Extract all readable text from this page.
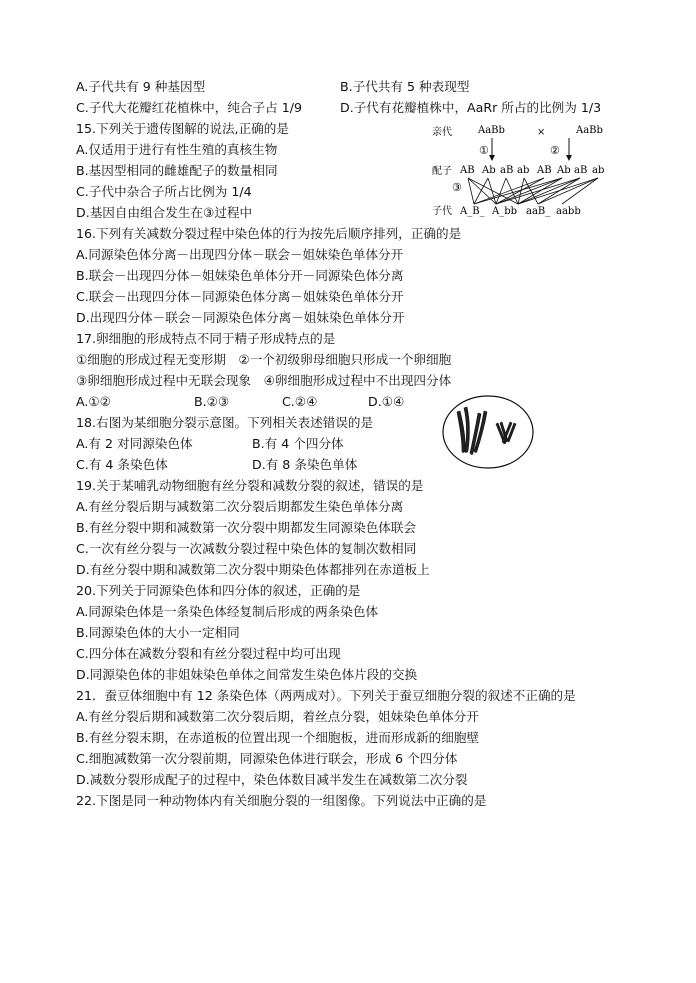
A.子代共有 9 种基因型	B.子代共有 5 种表现型
C.子代大花瓣红花植株中，纯合子占 1/9	D.子代有花瓣植株中，AaRr 所占的比例为 1/3
15.下列关于遗传图解的说法,正确的是
A.仅适用于进行有性生殖的真核生物
B.基因型相同的雌雄配子的数量相同
C.子代中杂合子所占比例为 1/4
D.基因自由组合发生在③过程中
亲代	AaBb	×	AaBb
①	②
配子 AB Ab aB ab AB Ab aB ab
③
子代 A_B_ A_bb aaB_ aabb
16.下列有关减数分裂过程中染色体的行为按先后顺序排列，正确的是
A.同源染色体分离－出现四分体－联会－姐妹染色单体分开
B.联会－出现四分体－姐妹染色单体分开－同源染色体分离
C.联会－出现四分体－同源染色体分离－姐妹染色单体分开
D.出现四分体－联会－同源染色体分离－姐妹染色单体分开
17.卵细胞的形成特点不同于精子形成特点的是
①细胞的形成过程无变形期　②一个初级卵母细胞只形成一个卵细胞
③卵细胞形成过程中无联会现象　④卵细胞形成过程中不出现四分体
A.①②	B.②③	C.②④	D.①④
18.右图为某细胞分裂示意图。下列相关表述错误的是
A.有 2 对同源染色体	B.有 4 个四分体
C.有 4 条染色体	D.有 8 条染色单体
19.关于某哺乳动物细胞有丝分裂和减数分裂的叙述，错误的是
A.有丝分裂后期与减数第二次分裂后期都发生染色单体分离
B.有丝分裂中期和减数第一次分裂中期都发生同源染色体联会
C.一次有丝分裂与一次减数分裂过程中染色体的复制次数相同
D.有丝分裂中期和减数第二次分裂中期染色体都排列在赤道板上
20.下列关于同源染色体和四分体的叙述，正确的是
A.同源染色体是一条染色体经复制后形成的两条染色体
B.同源染色体的大小一定相同
C.四分体在减数分裂和有丝分裂过程中均可出现
D.同源染色体的非姐妹染色单体之间常发生染色体片段的交换
21．蚕豆体细胞中有 12 条染色体（两两成对）。下列关于蚕豆细胞分裂的叙述不正确的是
A.有丝分裂后期和减数第二次分裂后期，着丝点分裂，姐妹染色单体分开
B.有丝分裂末期，在赤道板的位置出现一个细胞板，进而形成新的细胞壁
C.细胞减数第一次分裂前期，同源染色体进行联会，形成 6 个四分体
D.减数分裂形成配子的过程中，染色体数目减半发生在减数第二次分裂
22.下图是同一种动物体内有关细胞分裂的一组图像。下列说法中正确的是
